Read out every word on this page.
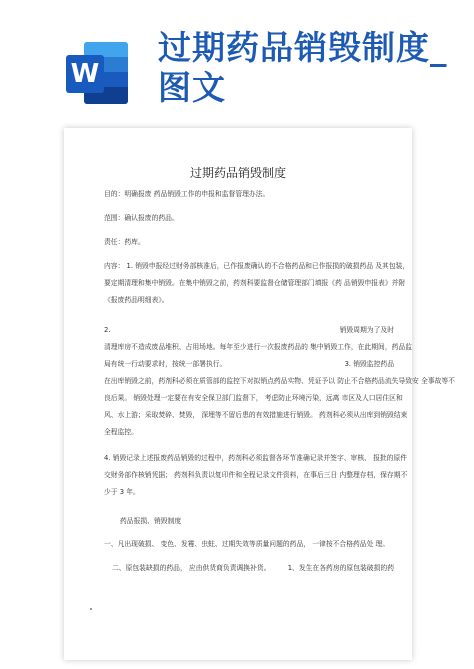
W
过期药品销毁制度_图文
过期药品销毁制度
目的：明确报废 药品销毁工作的申报和监督管理办法。
范围：确认报废的药品。
责任：药库。
内容： 1. 销毁申报经过财务部核准后，已作报废确认的不合格药品和已作报损的破损药品 及其包装，
要定期清理和集中销毁。在集中销毁之前，药剂科要监督仓储管理部门填报《药 品销毁申报表》并附
《报废药品明细表》。
2.	销毁周期为了及时
清理库房不造成废品堆积、占用场地。每年至少进行一次报废药品的 集中销毁工作，在此期间，药品监
局有统一行动要求时，按统一部署执行。	3. 销毁监控药品
在出库销毁之前，药剂科必须在质管部的监控下对拟销点药品实物、凭证予以 防止不合格药品流失导致安 全事故等不
良后果。 销毁处理一定要在有安全保卫部门监督下， 考虑防止环境污染，远离 市区及人口居住区和
风、水上游；采取焚碎、焚毁， 深埋等不留后患的有效措施进行销毁。 药剂科必须从出库到销毁结束
全程监控。
4. 销毁记录上述报废药品销毁的过程中，药剂科必须监督各环节准确记录并签字、审核、 报批的原件
交财务部作核销凭据； 药剂科负责以复印件和全程记录文件资料，在事后三日 内整理存档，保存期不
少于 3 年。
药品报损、销毁制度
一、凡出现破损、 变色、发霉、虫蛀、过期失效等质量问题的药品， 一律按不合格药品处 理。
二、原包装缺损的药品， 应由供货商负责调换补货。	1、发生在各药房的原包装破损的药
